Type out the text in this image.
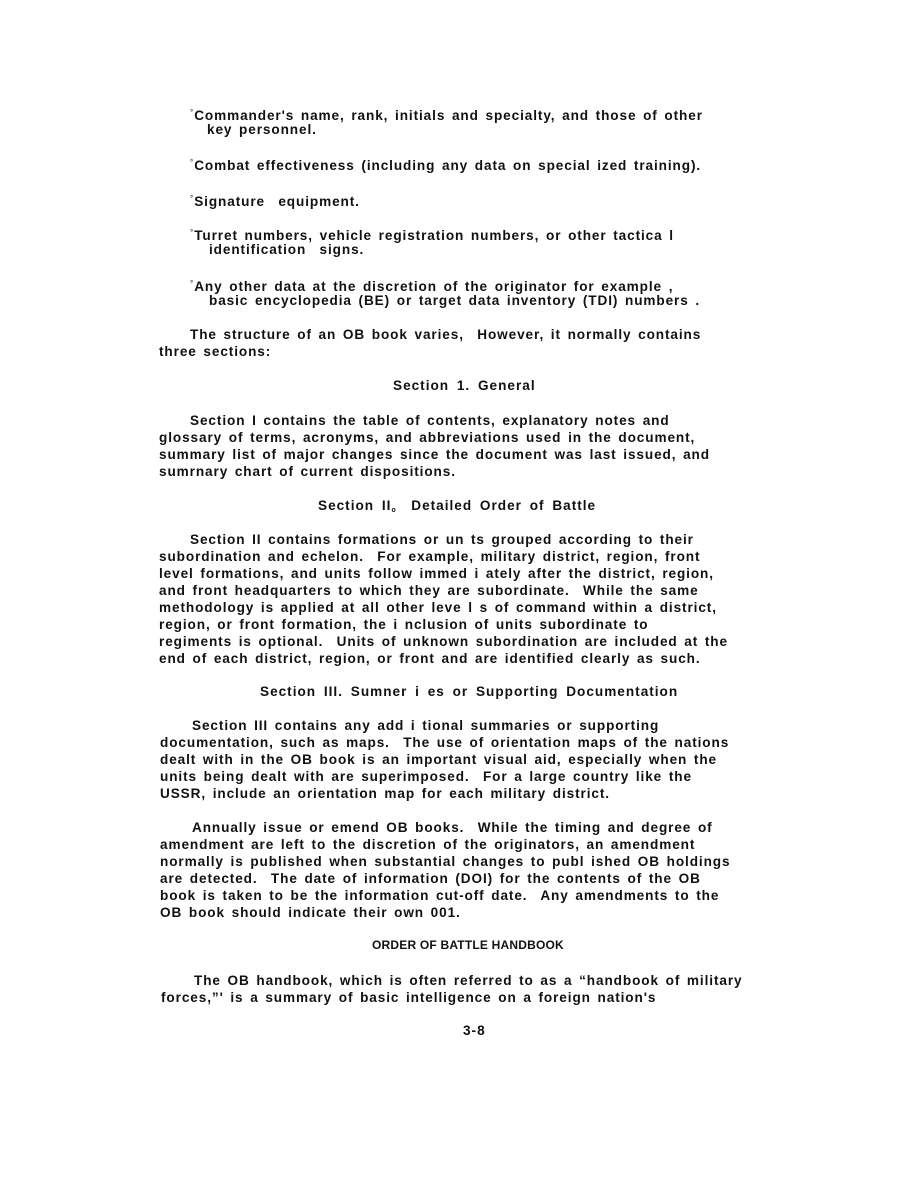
°Commander's name, rank, initials and specialty, and those of other
key personnel.
°Combat effectiveness (including any data on special ized training).
°Signature  equipment.
°Turret numbers, vehicle registration numbers, or other tactica l
identification  signs.
°Any other data at the discretion of the originator for example ,
basic encyclopedia (BE) or target data inventory (TDI) numbers .
The structure of an OB book varies,  However, it normally contains
three sections:
Section 1. General
Section I contains the table of contents, explanatory notes and
glossary of terms, acronyms, and abbreviations used in the document,
summary list of major changes since the document was last issued, and
sumrnary chart of current dispositions.
Section IIo  Detailed Order of Battle
Section II contains formations or un ts grouped according to their
subordination and echelon.  For example, military district, region, front
level formations, and units follow immed i ately after the district, region,
and front headquarters to which they are subordinate.  While the same
methodology is applied at all other leve l s of command within a district,
region, or front formation, the i nclusion of units subordinate to
regiments is optional.  Units of unknown subordination are included at the
end of each district, region, or front and are identified clearly as such.
Section III. Sumner i es or Supporting Documentation
Section III contains any add i tional summaries or supporting
documentation, such as maps.  The use of orientation maps of the nations
dealt with in the OB book is an important visual aid, especially when the
units being dealt with are superimposed.  For a large country like the
USSR, include an orientation map for each military district.
Annually issue or emend OB books.  While the timing and degree of
amendment are left to the discretion of the originators, an amendment
normally is published when substantial changes to publ ished OB holdings
are detected.  The date of information (DOI) for the contents of the OB
book is taken to be the information cut-off date.  Any amendments to the
OB book should indicate their own 001.
ORDER OF BATTLE HANDBOOK
The OB handbook, which is often referred to as a “handbook of military
forces,”' is a summary of basic intelligence on a foreign nation's
3-8
